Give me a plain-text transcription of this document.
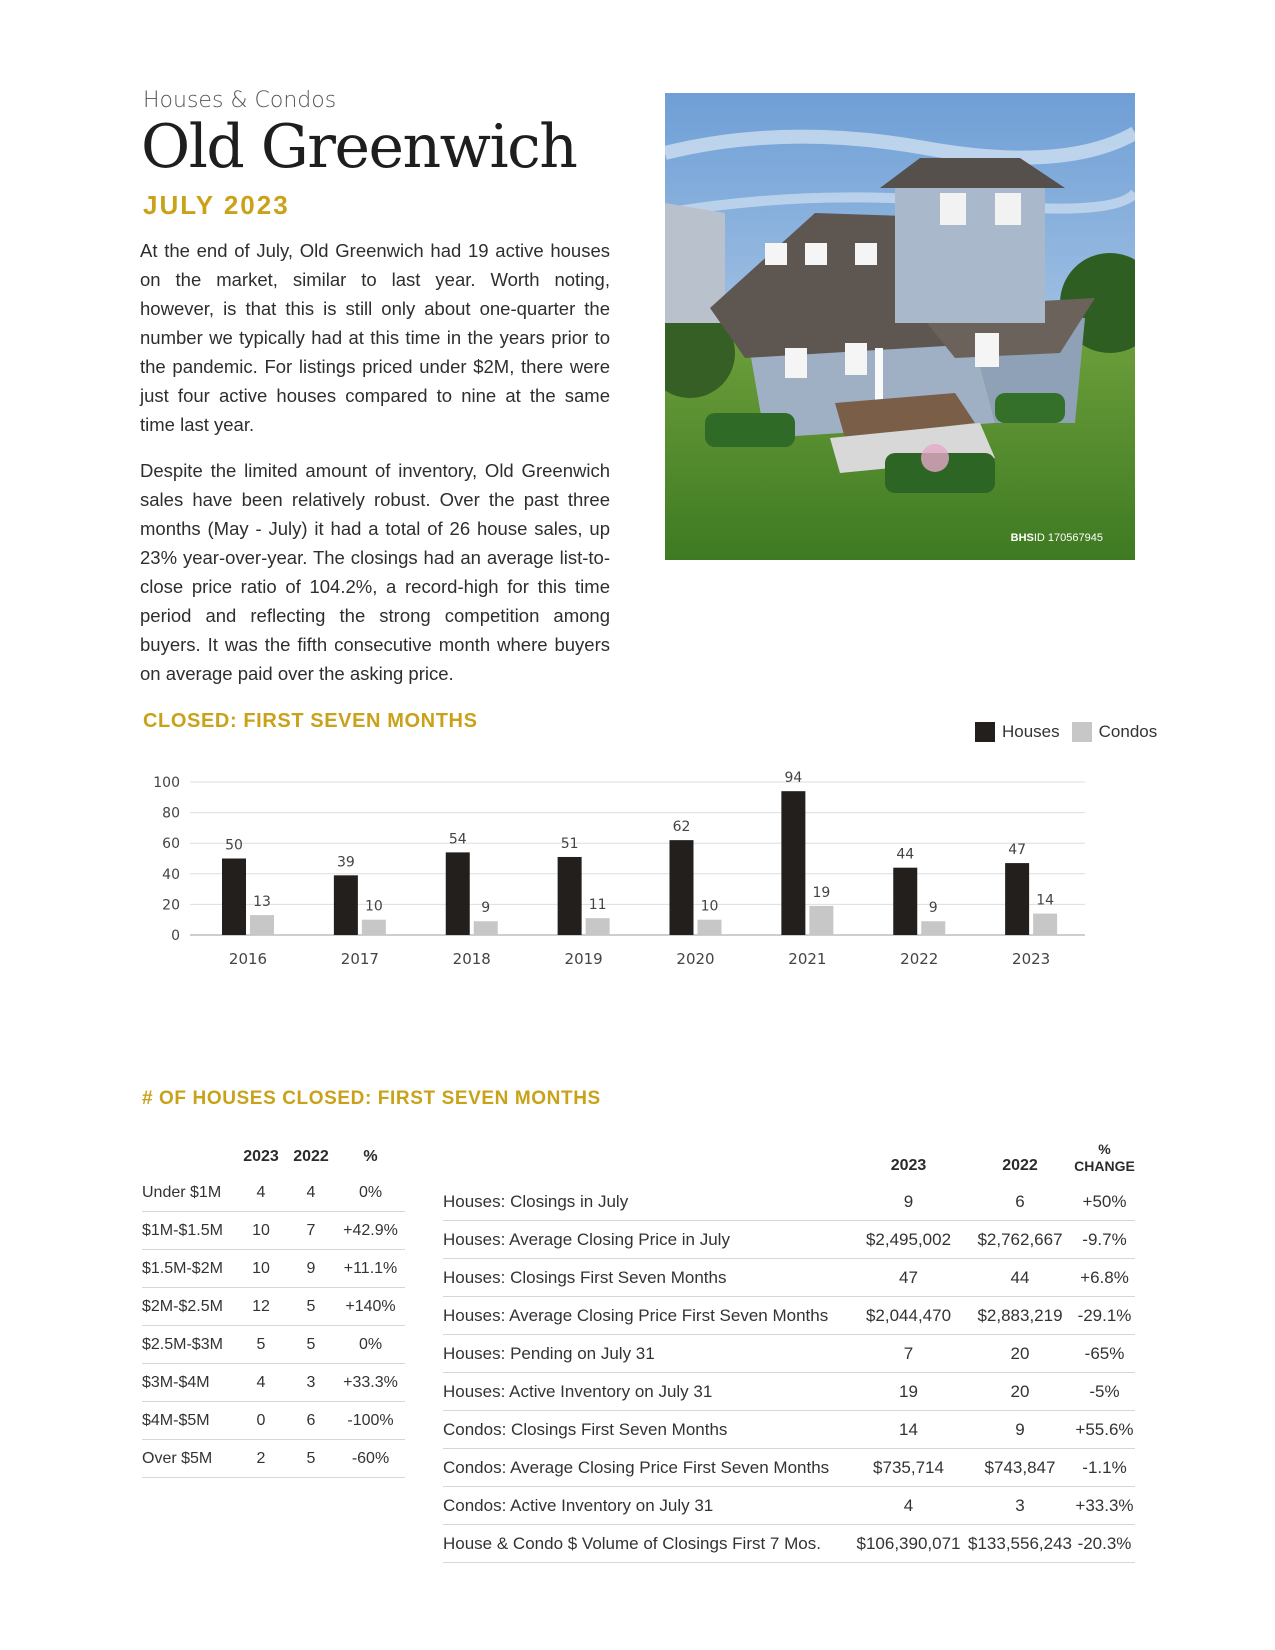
Houses & Condos
Old Greenwich
JULY 2023

At the end of July, Old Greenwich had 19 active houses on the market, similar to last year. Worth noting, however, is that this is still only about one-quarter the number we typically had at this time in the years prior to the pandemic. For listings priced under $2M, there were just four active houses compared to nine at the same time last year.

Despite the limited amount of inventory, Old Greenwich sales have been relatively robust. Over the past three months (May - July) it had a total of 26 house sales, up 23% year-over-year. The closings had an average list-to-close price ratio of 104.2%, a record-high for this time period and reflecting the strong competition among buyers. It was the fifth consecutive month where buyers on average paid over the asking price.

BHSID 170567945
CLOSED: FIRST SEVEN MONTHS	Houses Condos
0
20
40
60
80
100
50
13
2016
39
10
2017
54
9
2018
51
11
2019
62
10
2020
94
19
2021
44
9
2022
47
14
2023
# OF HOUSES CLOSED: FIRST SEVEN MONTHS
	2023	2022	%
Under $1M	4	4	0%
$1M-$1.5M	10	7	+42.9%
$1.5M-$2M	10	9	+11.1%
$2M-$2.5M	12	5	+140%
$2.5M-$3M	5	5	0%
$3M-$4M	4	3	+33.3%
$4M-$5M	0	6	-100%
Over $5M	2	5	-60%
	2023	2022	%
CHANGE
Houses: Closings in July	9	6	+50%
Houses: Average Closing Price in July	$2,495,002	$2,762,667	-9.7%
Houses: Closings First Seven Months	47	44	+6.8%
Houses: Average Closing Price First Seven Months	$2,044,470	$2,883,219	-29.1%
Houses: Pending on July 31	7	20	-65%
Houses: Active Inventory on July 31	19	20	-5%
Condos: Closings First Seven Months	14	9	+55.6%
Condos: Average Closing Price First Seven Months	$735,714	$743,847	-1.1%
Condos: Active Inventory on July 31	4	3	+33.3%
House & Condo $ Volume of Closings First 7 Mos.	$106,390,071	$133,556,243	-20.3%
